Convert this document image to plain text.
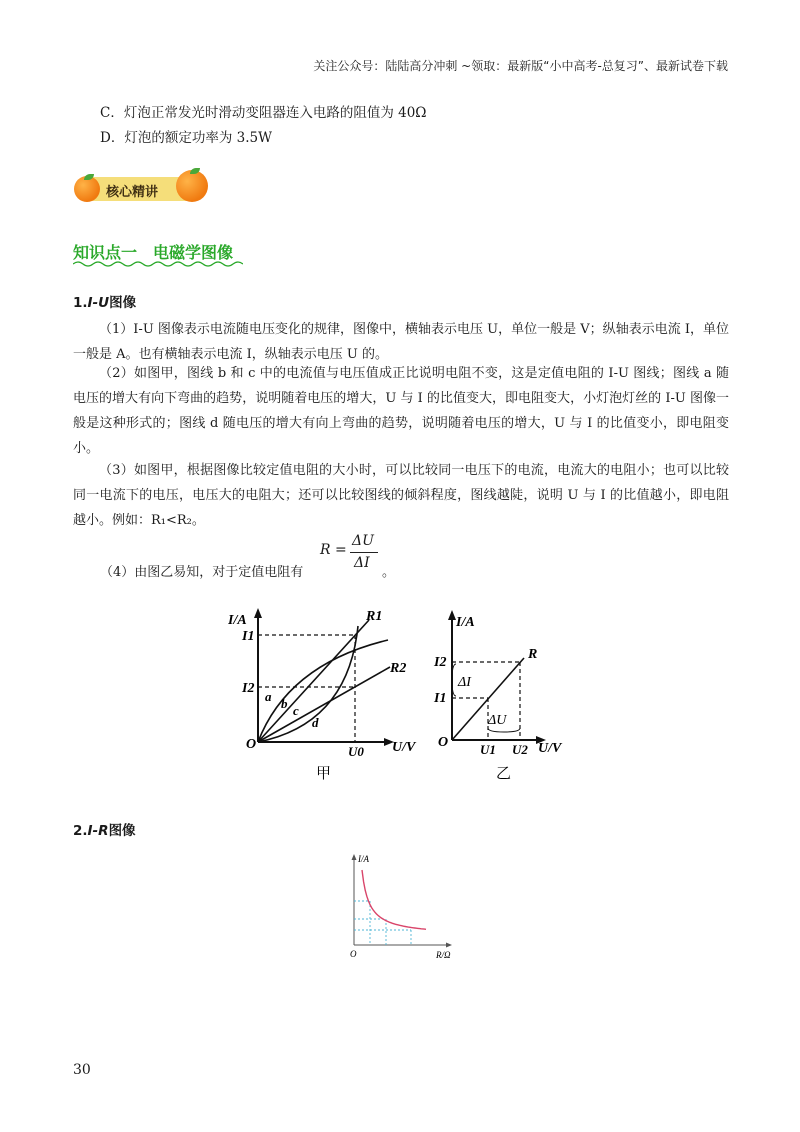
关注公众号：陆陆高分冲刺 ~领取：最新版“小中高考-总复习”、最新试卷下载
C．灯泡正常发光时滑动变阻器连入电路的阻值为 40Ω
D．灯泡的额定功率为 3.5W
核心精讲
知识点一　电磁学图像
1.I-U图像
（1）I-U 图像表示电流随电压变化的规律，图像中，横轴表示电压 U，单位一般是 V；纵轴表示电流 I，单位一般是 A。也有横轴表示电流 I，纵轴表示电压 U 的。
（2）如图甲，图线 b 和 c 中的电流值与电压值成正比说明电阻不变，这是定值电阻的 I-U 图线；图线 a 随电压的增大有向下弯曲的趋势，说明随着电压的增大，U 与 I 的比值变大，即电阻变大，小灯泡灯丝的 I-U 图像一般是这种形式的；图线 d 随电压的增大有向上弯曲的趋势，说明随着电压的增大，U 与 I 的比值变小，即电阻变小。
（3）如图甲，根据图像比较定值电阻的大小时，可以比较同一电压下的电流，电流大的电阻小；也可以比较同一电流下的电压，电压大的电阻大；还可以比较图线的倾斜程度，图线越陡，说明 U 与 I 的比值越小，即电阻越小。例如：R₁<R₂。
（4）由图乙易知，对于定值电阻有	。
R =
ΔU
ΔI
I/A
I1
I2
O	U0 U/V
R1
R2
a b c
d
甲
I/A
R
I2
I1
ΔI
ΔU
O U1 U2 U/V
乙
2.I-R图像
I/A
O	R/Ω
30
